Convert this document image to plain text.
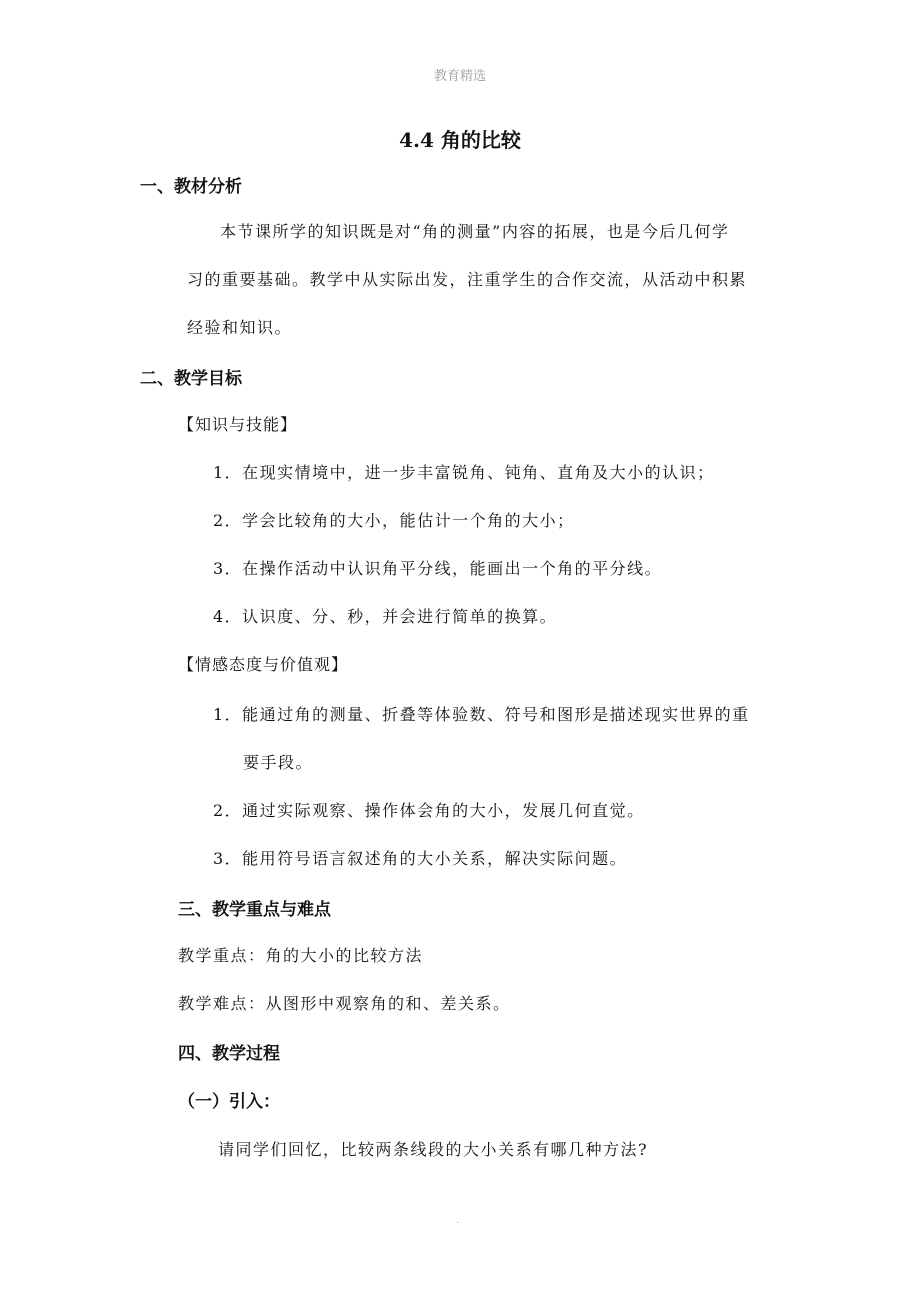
教育精选
4.4 角的比较
一、教材分析
本节课所学的知识既是对“角的测量”内容的拓展，也是今后几何学
习的重要基础。教学中从实际出发，注重学生的合作交流，从活动中积累
经验和知识。
二、教学目标
【知识与技能】
1．在现实情境中，进一步丰富锐角、钝角、直角及大小的认识；
2．学会比较角的大小，能估计一个角的大小；
3．在操作活动中认识角平分线，能画出一个角的平分线。
4．认识度、分、秒，并会进行简单的换算。
【情感态度与价值观】
1．能通过角的测量、折叠等体验数、符号和图形是描述现实世界的重
要手段。
2．通过实际观察、操作体会角的大小，发展几何直觉。
3．能用符号语言叙述角的大小关系，解决实际问题。
三、教学重点与难点
教学重点：角的大小的比较方法
教学难点：从图形中观察角的和、差关系。
四、教学过程
（一）引入：
请同学们回忆，比较两条线段的大小关系有哪几种方法?
.
